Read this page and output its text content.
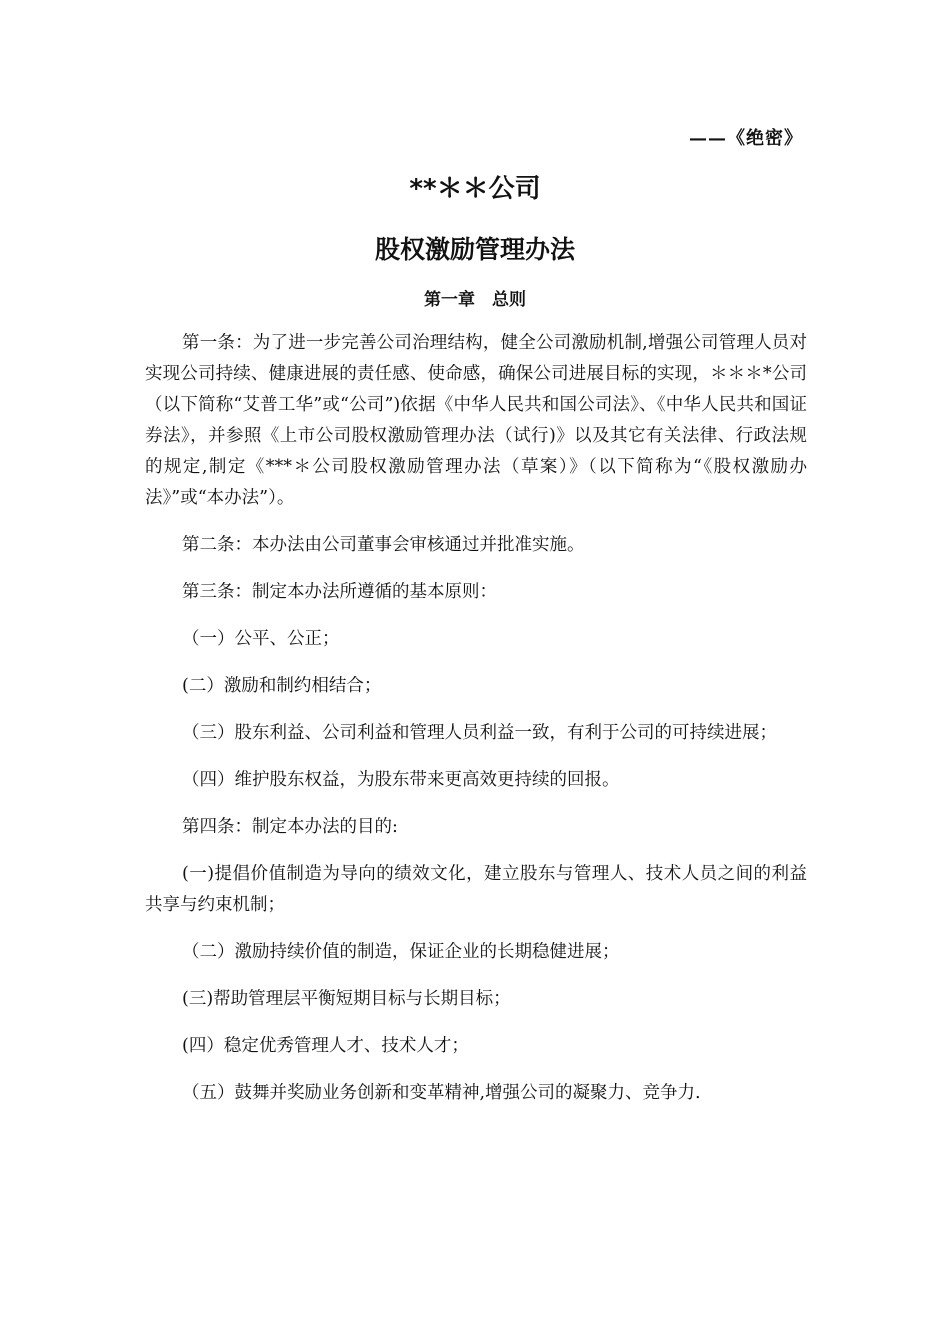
——《绝密》
**＊＊公司
股权激励管理办法
第一章　总则

第一条：为了进一步完善公司治理结构，健全公司激励机制,增强公司管理人员对实现公司持续、健康进展的责任感、使命感，确保公司进展目标的实现，＊＊＊*公司（以下简称“艾普工华”或“公司”)依据《中华人民共和国公司法》、《中华人民共和国证券法》，并参照《上市公司股权激励管理办法（试行)》以及其它有关法律、行政法规的规定,制定《***＊公司股权激励管理办法（草案）》（以下简称为“《股权激励办法》”或“本办法”）。

第二条：本办法由公司董事会审核通过并批准实施。

第三条：制定本办法所遵循的基本原则：

（一）公平、公正；

(二）激励和制约相结合；

（三）股东利益、公司利益和管理人员利益一致，有利于公司的可持续进展；

（四）维护股东权益，为股东带来更高效更持续的回报。

第四条：制定本办法的目的:

(一)提倡价值制造为导向的绩效文化，建立股东与管理人、技术人员之间的利益共享与约束机制；

（二）激励持续价值的制造，保证企业的长期稳健进展；

(三)帮助管理层平衡短期目标与长期目标；

(四）稳定优秀管理人才、技术人才；

（五）鼓舞并奖励业务创新和变革精神,增强公司的凝聚力、竞争力.
